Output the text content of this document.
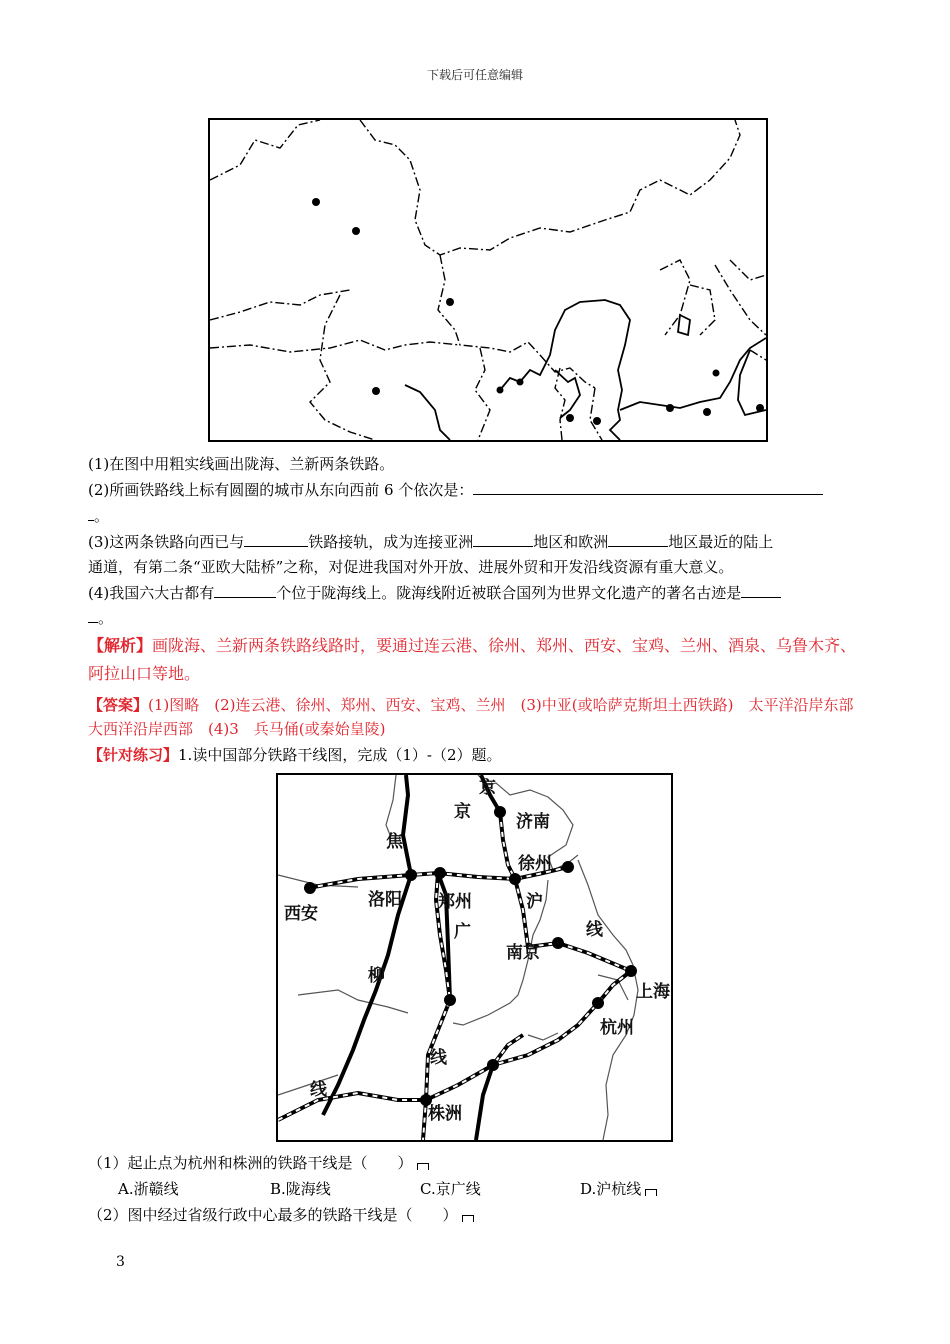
下载后可任意编辑
(1)在图中用粗实线画出陇海、兰新两条铁路。
(2)所画铁路线上标有圆圈的城市从东向西前 6 个依次是：
。
(3)这两条铁路向西已与	铁路接轨，成为连接亚洲	地区和欧洲	地区最近的陆上
通道，有第二条“亚欧大陆桥”之称，对促进我国对外开放、进展外贸和开发沿线资源有重大意义。
(4)我国六大古都有	个位于陇海线上。陇海线附近被联合国列为世界文化遗产的著名古迹是
。
【解析】画陇海、兰新两条铁路线路时，要通过连云港、徐州、郑州、西安、宝鸡、兰州、酒泉、乌鲁木齐、阿拉山口等地。
【答案】(1)图略　(2)连云港、徐州、郑州、西安、宝鸡、兰州　(3)中亚(或哈萨克斯坦土西铁路)　太平洋沿岸东部　大西洋沿岸西部　(4)3　兵马俑(或秦始皇陵)
【针对练习】1.读中国部分铁路干线图，完成（1）-（2）题。
京
京	济南
焦
徐州
西安
洛阳 郑州	沪
广	线
南京
上海
柳
杭州
线
线
株洲
（1）起止点为杭州和株洲的铁路干线是（　　）
A.浙赣线	B.陇海线	C.京广线	D.沪杭线
（2）图中经过省级行政中心最多的铁路干线是（　　）
3
